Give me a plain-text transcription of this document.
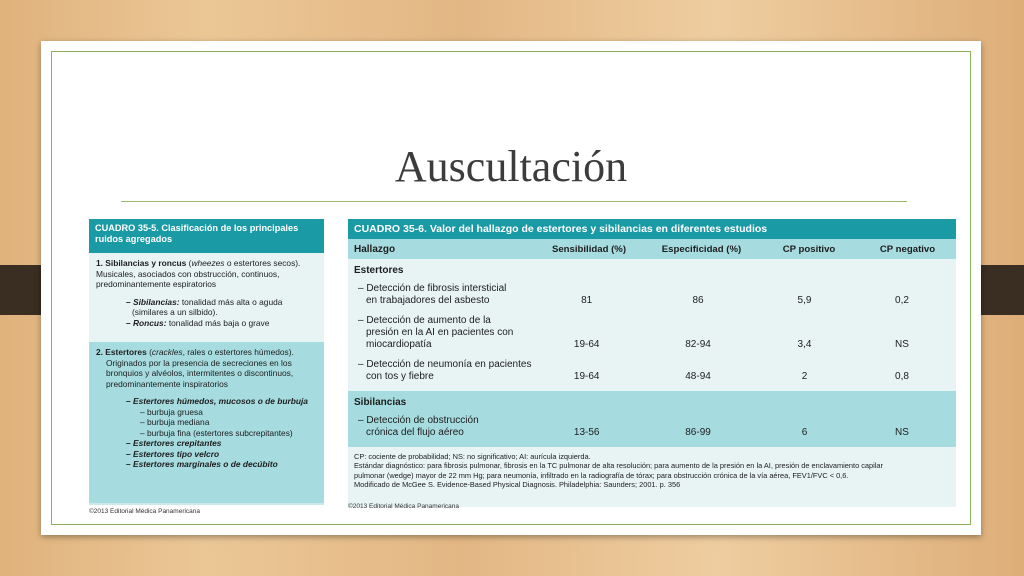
Auscultación
CUADRO 35-5. Clasificación de los principales ruidos agregados
1. Sibilancias y roncus (wheezes o estertores secos).
Musicales, asociados con obstrucción, continuos,
predominantemente espiratorios
– Sibilancias: tonalidad más alta o aguda
(similares a un silbido).
– Roncus: tonalidad más baja o grave
2. Estertores (crackles, rales o estertores húmedos).
Originados por la presencia de secreciones en los
bronquios y alvéolos, intermitentes o discontinuos,
predominantemente inspiratorios
– Estertores húmedos, mucosos o de burbuja
– burbuja gruesa
– burbuja mediana
– burbuja fina (estertores subcrepitantes)
– Estertores crepitantes
– Estertores tipo velcro
– Estertores marginales o de decúbito
©2013 Editorial Médica Panamericana
CUADRO 35-6. Valor del hallazgo de estertores y sibilancias en diferentes estudios
Hallazgo	Sensibilidad (%)	Especificidad (%)	CP positivo	CP negativo
Estertores
– Detección de fibrosis intersticial
en trabajadores del asbesto	81	86	5,9	0,2
– Detección de aumento de la
presión en la AI en pacientes con
miocardiopatía	19-64	82-94	3,4	NS
– Detección de neumonía en pacientes
con tos y fiebre	19-64	48-94	2	0,8
Sibilancias
– Detección de obstrucción
crónica del flujo aéreo	13-56	86-99	6	NS
CP: cociente de probabilidad; NS: no significativo; AI: aurícula izquierda.
Estándar diagnóstico: para fibrosis pulmonar, fibrosis en la TC pulmonar de alta resolución; para aumento de la presión en la AI, presión de enclavamiento capilar
pulmonar (wedge) mayor de 22 mm Hg; para neumonía, infiltrado en la radiografía de tórax; para obstrucción crónica de la vía aérea, FEV1/FVC < 0,6.
Modificado de McGee S. Evidence-Based Physical Diagnosis. Philadelphia: Saunders; 2001. p. 356
©2013 Editorial Médica Panamericana
